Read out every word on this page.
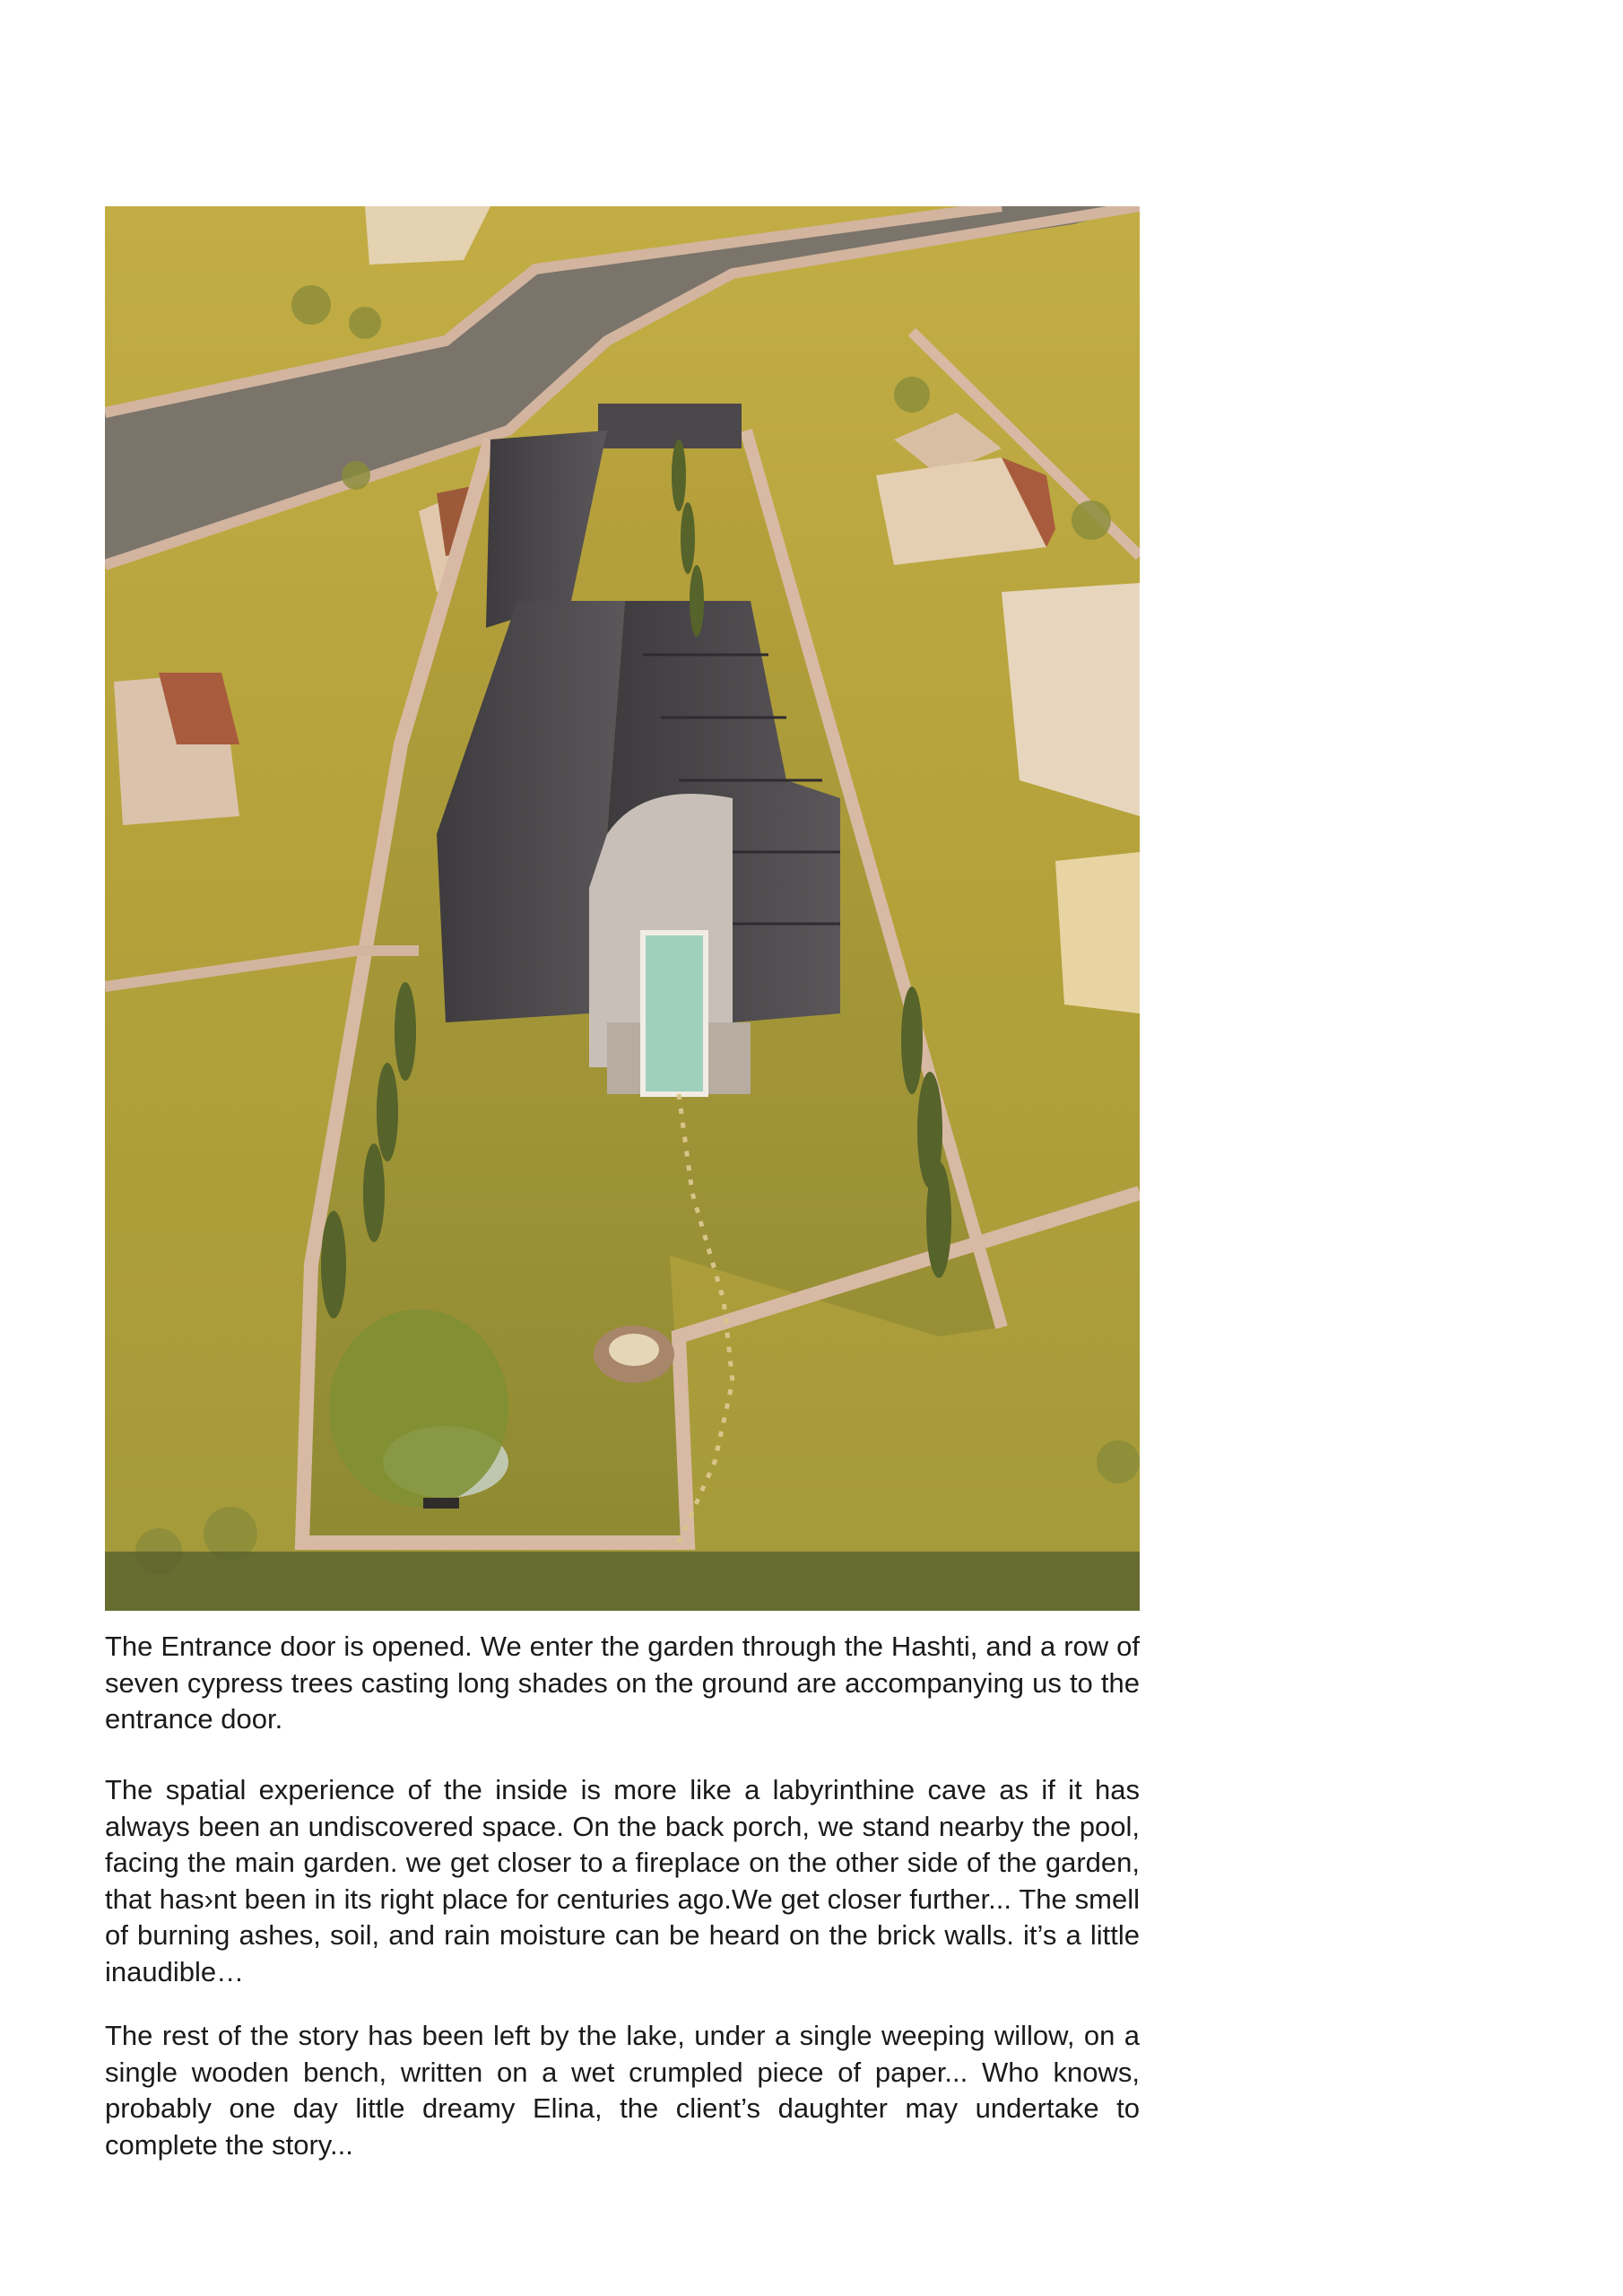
The Entrance door is opened. We enter the garden through the Hashti, and a row of seven cypress trees casting long shades on the ground are accompanying us to the entrance door.

The spatial experience of the inside is more like a labyrinthine cave as if it has always been an undiscovered space. On the back porch, we stand nearby the pool, facing the main garden. we get closer to a fireplace on the other side of the garden, that has›nt been in its right place for centuries ago.We get closer further... The smell of burning ashes, soil, and rain moisture can be heard on the brick walls. it’s a little inaudible…

The rest of the story has been left by the lake, under a single weeping willow, on a single wooden bench, written on a wet crumpled piece of paper... Who knows, probably one day little dreamy Elina, the client’s daughter may undertake to complete the story...
